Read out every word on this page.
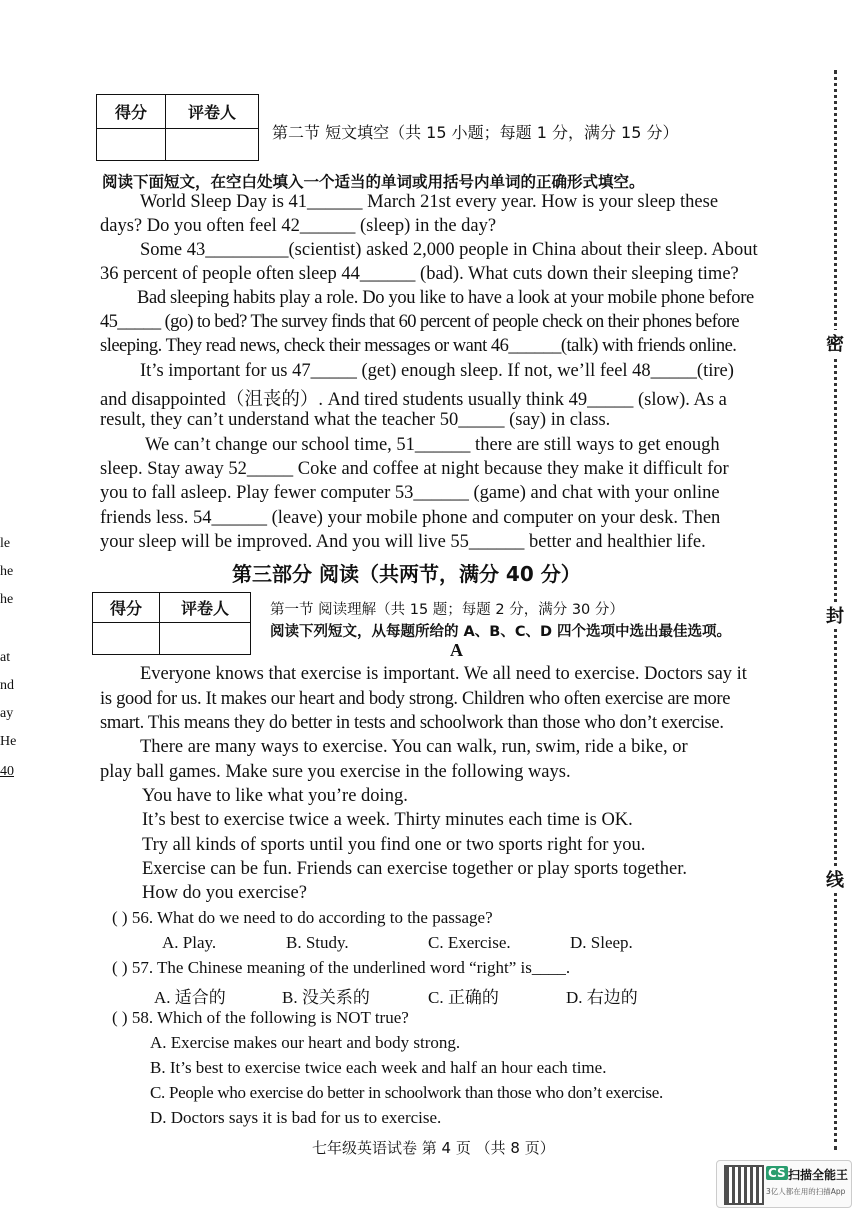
得分	评卷人

第二节 短文填空（共 15 小题；每题 1 分，满分 15 分）
阅读下面短文，在空白处填入一个适当的单词或用括号内单词的正确形式填空。
World Sleep Day is 41______ March 21st every year. How is your sleep these
days? Do you often feel 42______ (sleep) in the day?
Some 43_________(scientist) asked 2,000 people in China about their sleep. About
36 percent of people often sleep 44______ (bad). What cuts down their sleeping time?
Bad sleeping habits play a role. Do you like to have a look at your mobile phone before
45_____ (go) to bed? The survey finds that 60 percent of people check on their phones before
sleeping. They read news, check their messages or want 46______(talk) with friends online.
It’s important for us 47_____ (get) enough sleep. If not, we’ll feel 48_____(tire)
and disappointed（沮丧的）. And tired students usually think 49_____ (slow). As a
result, they can’t understand what the teacher 50_____ (say) in class.
We can’t change our school time, 51______ there are still ways to get enough
sleep. Stay away 52_____ Coke and coffee at night because they make it difficult for
you to fall asleep. Play fewer computer 53______ (game) and chat with your online
friends less. 54______ (leave) your mobile phone and computer on your desk. Then
your sleep will be improved. And you will live 55______ better and healthier life.
第三部分 阅读（共两节，满分 40 分）
得分	评卷人
		第一节 阅读理解（共 15 题；每题 2 分，满分 30 分）
阅读下列短文，从每题所给的 A、B、C、D 四个选项中选出最佳选项。
A
Everyone knows that exercise is important. We all need to exercise. Doctors say it
is good for us. It makes our heart and body strong. Children who often exercise are more
smart. This means they do better in tests and schoolwork than those who don’t exercise.
There are many ways to exercise. You can walk, run, swim, ride a bike, or
play ball games. Make sure you exercise in the following ways.
You have to like what you’re doing.
It’s best to exercise twice a week. Thirty minutes each time is OK.
Try all kinds of sports until you find one or two sports right for you.
Exercise can be fun. Friends can exercise together or play sports together.
How do you exercise?
( ) 56. What do we need to do according to the passage?
A. Play.	B. Study.	C. Exercise.	D. Sleep.
( ) 57. The Chinese meaning of the underlined word “right” is____.
A. 适合的	B. 没关系的	C. 正确的	D. 右边的
( ) 58. Which of the following is NOT true?
A. Exercise makes our heart and body strong.
B. It’s best to exercise twice each week and half an hour each time.
C. People who exercise do better in schoolwork than those who don’t exercise.
D. Doctors says it is bad for us to exercise.
七年级英语试卷 第 4 页 （共 8 页）
密
封
线
le
he
he
at
nd
ay
He
40
CS 扫描全能王
3亿人都在用的扫描App
